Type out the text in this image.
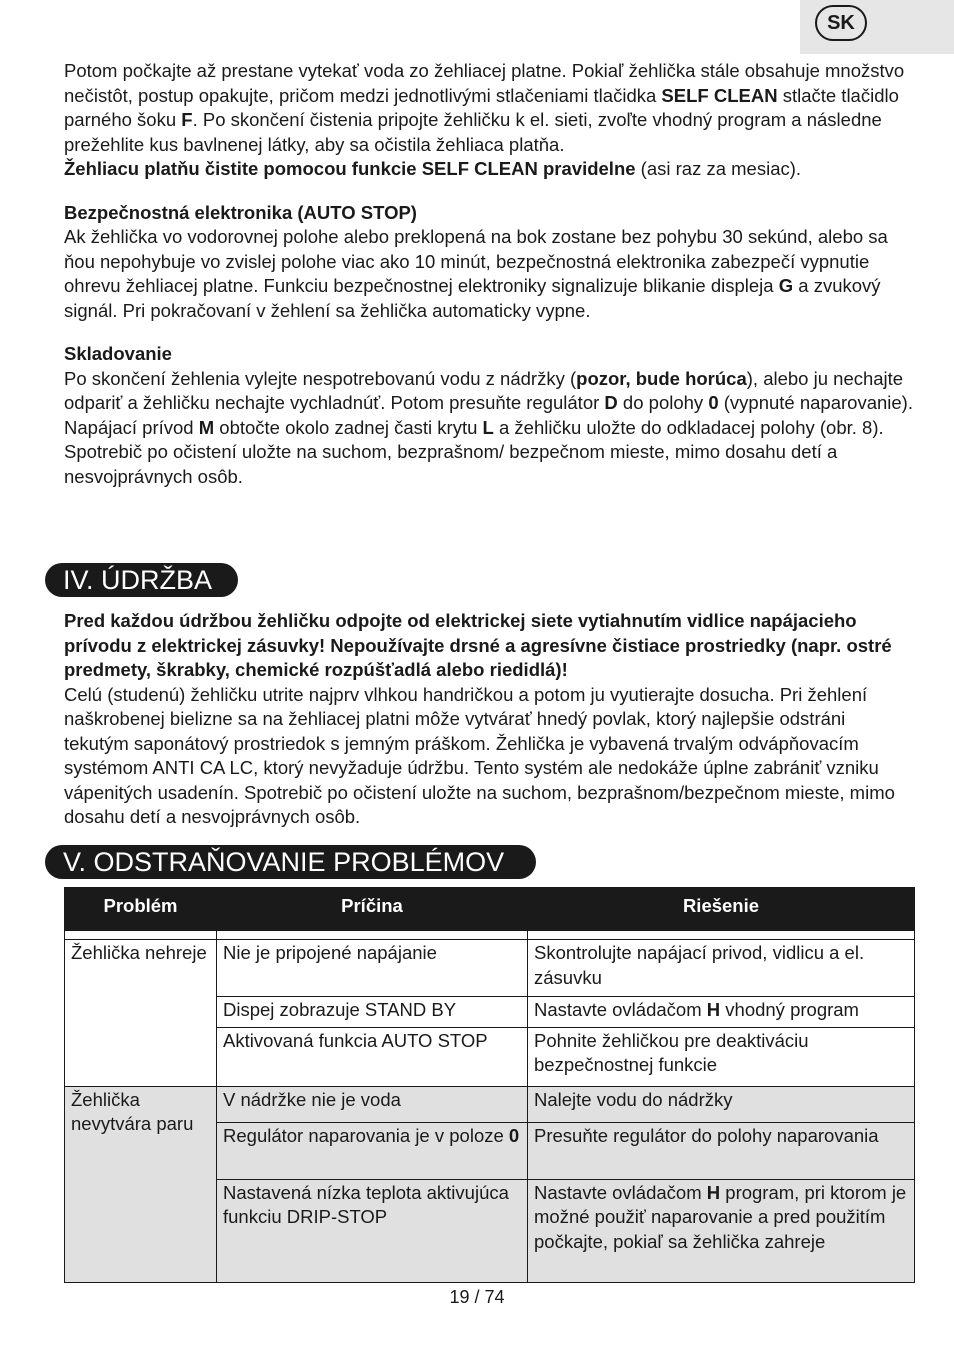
SK

Potom počkajte až prestane vytekať voda zo žehliacej platne. Pokiaľ žehlička stále obsahuje množstvo nečistôt, postup opakujte, pričom medzi jednotlivými stlačeniami tlačidka SELF CLEAN stlačte tlačidlo parného šoku F. Po skončení čistenia pripojte žehličku k el. sieti, zvoľte vhodný program a následne prežehlite kus bavlnenej látky, aby sa očistila žehliaca platňa.

Žehliacu platňu čistite pomocou funkcie SELF CLEAN pravidelne (asi raz za mesiac).

Bezpečnostná elektronika (AUTO STOP)

Ak žehlička vo vodorovnej polohe alebo preklopená na bok zostane bez pohybu 30 sekúnd, alebo sa ňou nepohybuje vo zvislej polohe viac ako 10 minút, bezpečnostná elektronika zabezpečí vypnutie ohrevu žehliacej platne. Funkciu bezpečnostnej elektroniky signalizuje blikanie displeja G a zvukový signál. Pri pokračovaní v žehlení sa žehlička automaticky vypne.

Skladovanie

Po skončení žehlenia vylejte nespotrebovanú vodu z nádržky (pozor, bude horúca), alebo ju nechajte odpariť a žehličku nechajte vychladnúť. Potom presuňte regulátor D do polohy 0 (vypnuté naparovanie). Napájací prívod M obtočte okolo zadnej časti krytu L a žehličku uložte do odkladacej polohy (obr. 8). Spotrebič po očistení uložte na suchom, bezprašnom/ bezpečnom mieste, mimo dosahu detí a nesvojprávnych osôb.

IV. ÚDRŽBA

Pred každou údržbou žehličku odpojte od elektrickej siete vytiahnutím vidlice napájacieho prívodu z elektrickej zásuvky! Nepoužívajte drsné a agresívne čistiace prostriedky (napr. ostré predmety, škrabky, chemické rozpúšťadlá alebo riedidlá)!

Celú (studenú) žehličku utrite najprv vlhkou handričkou a potom ju vyutierajte dosucha. Pri žehlení naškrobenej bielizne sa na žehliacej platni môže vytvárať hnedý povlak, ktorý najlepšie odstráni tekutým saponátový prostriedok s jemným práškom. Žehlička je vybavená trvalým odvápňovacím systémom ANTI CA LC, ktorý nevyžaduje údržbu. Tento systém ale nedokáže úplne zabrániť vzniku vápenitých usadenín. Spotrebič po očistení uložte na suchom, bezprašnom/bezpečnom mieste, mimo dosahu detí a nesvojprávnych osôb.

V. ODSTRAŇOVANIE PROBLÉMOV
Problém	Príčina	Riešenie

Žehlička nehreje	Nie je pripojené napájanie	Skontrolujte napájací privod, vidlicu a el. zásuvku
	Dispej zobrazuje STAND BY	Nastavte ovládačom H vhodný program
	Aktivovaná funkcia AUTO STOP	Pohnite žehličkou pre deaktiváciu bezpečnostnej funkcie
Žehlička nevytvára paru	V nádržke nie je voda	Nalejte vodu do nádržky
	Regulátor naparovania je v poloze 0	Presuňte regulátor do polohy naparovania
	Nastavená nízka teplota aktivujúca funkciu DRIP-STOP	Nastavte ovládačom H program, pri ktorom je možné použiť naparovanie a pred použitím počkajte, pokiaľ sa žehlička zahreje
19 / 74
